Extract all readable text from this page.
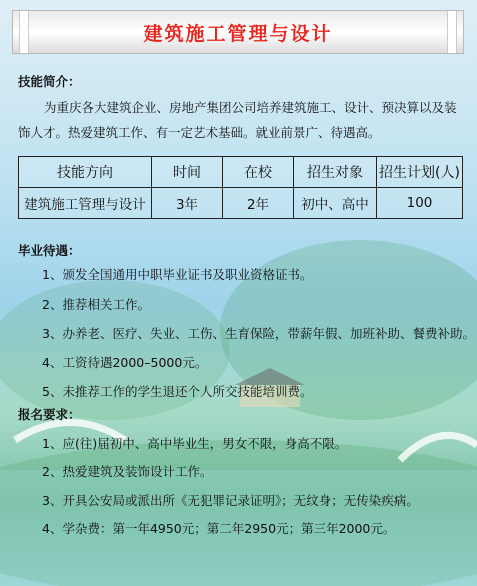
建筑施工管理与设计
技能简介：
为重庆各大建筑企业、房地产集团公司培养建筑施工、设计、预决算以及装
饰人才。热爱建筑工作、有一定艺术基础。就业前景广、待遇高。
技能方向	时间	在校	招生对象	招生计划(人)
建筑施工管理与设计	3年	2年	初中、高中	100
毕业待遇：
1、颁发全国通用中职毕业证书及职业资格证书。
2、推荐相关工作。
3、办养老、医疗、失业、工伤、生育保险，带薪年假、加班补助、餐费补助。
4、工资待遇2000–5000元。
5、未推荐工作的学生退还个人所交技能培训费。
报名要求：
1、应(往)届初中、高中毕业生，男女不限，身高不限。
2、热爱建筑及装饰设计工作。
3、开具公安局或派出所《无犯罪记录证明》；无纹身；无传染疾病。
4、学杂费：第一年4950元；第二年2950元；第三年2000元。
